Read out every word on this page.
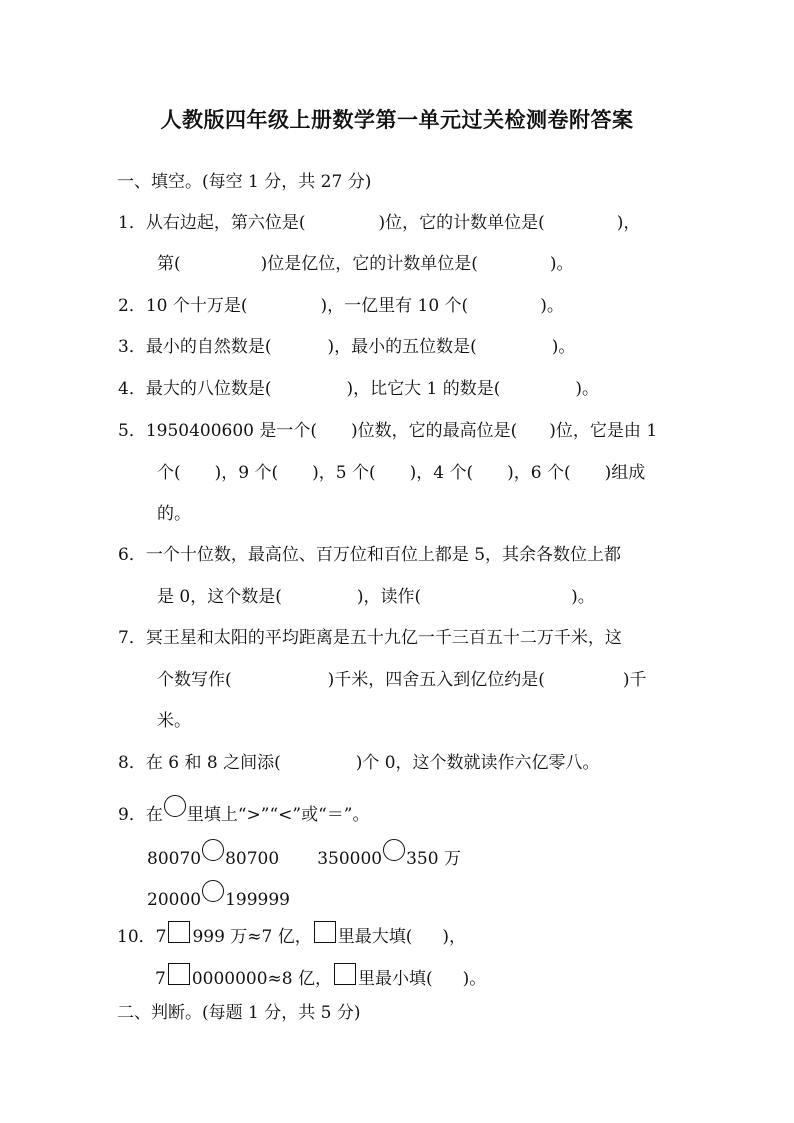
人教版四年级上册数学第一单元过关检测卷附答案
一、填空。(每空 1 分，共 27 分)
1．从右边起，第六位是(	)位，它的计数单位是(	)，
第(	)位是亿位，它的计数单位是(	)。
2．10 个十万是(	)，一亿里有 10 个(	)。
3．最小的自然数是(	)，最小的五位数是(	)。
4．最大的八位数是(	)，比它大 1 的数是(	)。
5．1950400600 是一个( )位数，它的最高位是( )位，它是由 1
个( )，9 个( )，5 个( )，4 个( )，6 个( )组成
的。
6．一个十位数，最高位、百万位和百位上都是 5，其余各数位上都
是 0，这个数是(	)，读作(	)。
7．冥王星和太阳的平均距离是五十九亿一千三百五十二万千米，这
个数写作(	)千米，四舍五入到亿位约是(	)千
米。
8．在 6 和 8 之间添(	)个 0，这个数就读作六亿零八。
9．在 里填上“>”“<”或“＝”。
80070 80700 350000 350 万
20000 199999
10．7 999 万≈7 亿， 里最大填( )，
7 0000000≈8 亿， 里最小填( )。
二、判断。(每题 1 分，共 5 分)
